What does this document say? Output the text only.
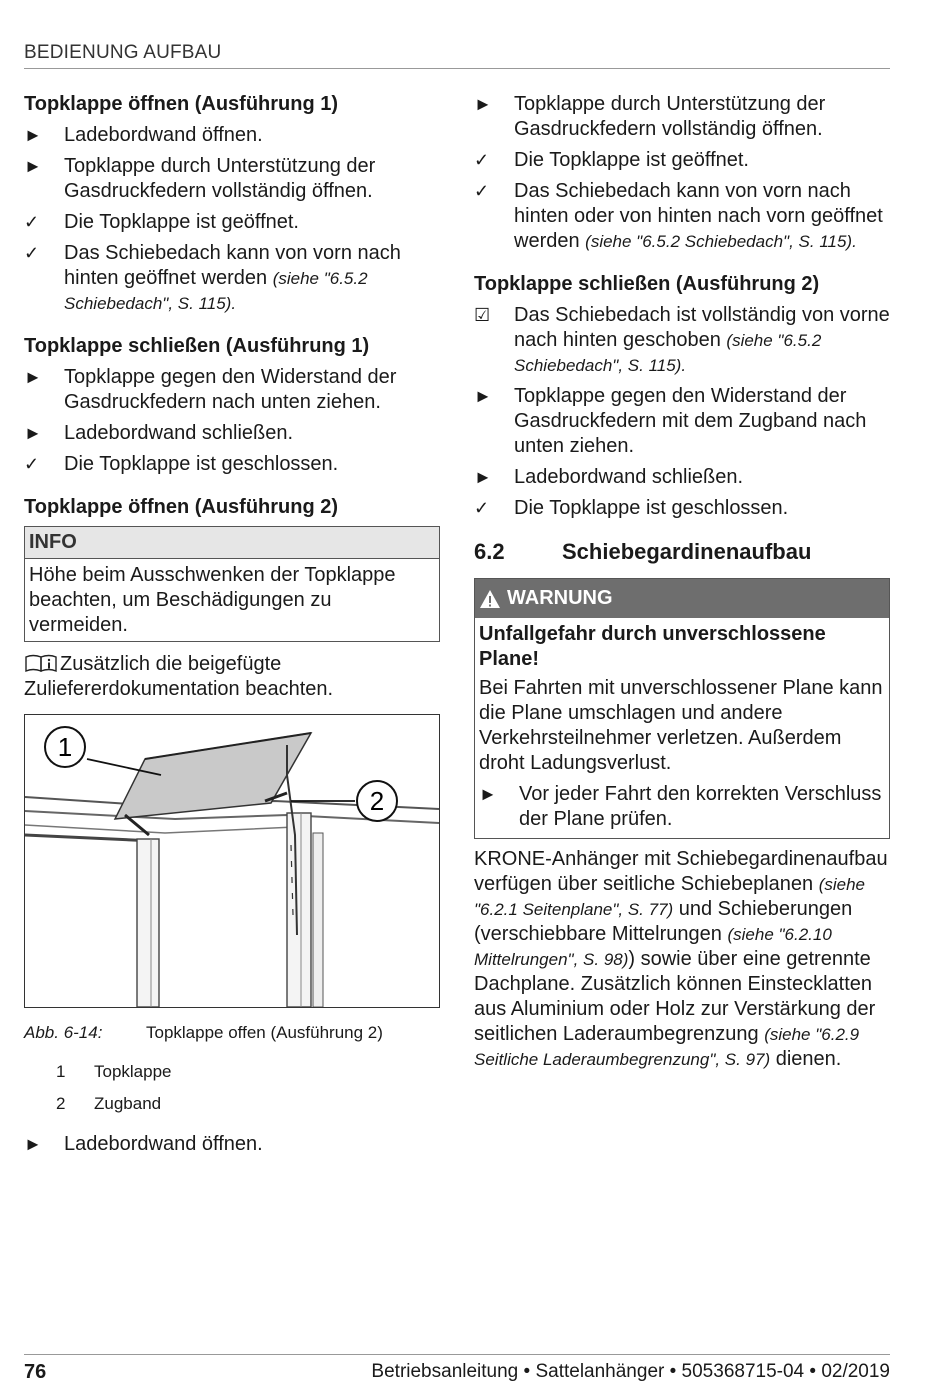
BEDIENUNG AUFBAU
Topklappe öffnen (Ausführung 1)
►	Ladebordwand öffnen.
►	Topklappe durch Unterstützung der Gasdruckfedern vollständig öffnen.
✓	Die Topklappe ist geöffnet.
✓	Das Schiebedach kann von vorn nach hinten geöffnet werden (siehe "6.5.2 Schiebedach", S. 115).
Topklappe schließen (Ausführung 1)
►	Topklappe gegen den Widerstand der Gasdruckfedern nach unten ziehen.
►	Ladebordwand schließen.
✓	Die Topklappe ist geschlossen.
Topklappe öffnen (Ausführung 2)
INFO
Höhe beim Ausschwenken der Topklappe beachten, um Beschädigungen zu vermeiden.
Zusätzlich die beigefügte Zuliefererdokumentation beachten.
1
2
Abb. 6-14:	Topklappe offen (Ausführung 2)
1	Topklappe
2	Zugband
►	Ladebordwand öffnen.
►	Topklappe durch Unterstützung der Gasdruckfedern vollständig öffnen.
✓	Die Topklappe ist geöffnet.
✓	Das Schiebedach kann von vorn nach hinten oder von hinten nach vorn geöffnet werden (siehe "6.5.2 Schiebedach", S. 115).
Topklappe schließen (Ausführung 2)
☑	Das Schiebedach ist vollständig von vorne nach hinten geschoben (siehe "6.5.2 Schiebedach", S. 115).
►	Topklappe gegen den Widerstand der Gasdruckfedern mit dem Zugband nach unten ziehen.
►	Ladebordwand schließen.
✓	Die Topklappe ist geschlossen.
6.2	Schiebegardinenaufbau
WARNUNG
Unfallgefahr durch unverschlossene Plane!
Bei Fahrten mit unverschlossener Plane kann die Plane umschlagen und andere Verkehrsteilnehmer verletzen. Außerdem droht Ladungsverlust.
►	Vor jeder Fahrt den korrekten Verschluss der Plane prüfen.

KRONE-Anhänger mit Schiebegardinenaufbau verfügen über seitliche Schiebeplanen (siehe "6.2.1 Seitenplane", S. 77) und Schieberungen (verschiebbare Mittelrungen (siehe "6.2.10 Mittelrungen", S. 98)) sowie über eine getrennte Dachplane. Zusätzlich können Einstecklatten aus Aluminium oder Holz zur Verstärkung der seitlichen Laderaumbegrenzung (siehe "6.2.9 Seitliche Laderaumbegrenzung", S. 97) dienen.

76	Betriebsanleitung • Sattelanhänger • 505368715-04 • 02/2019
